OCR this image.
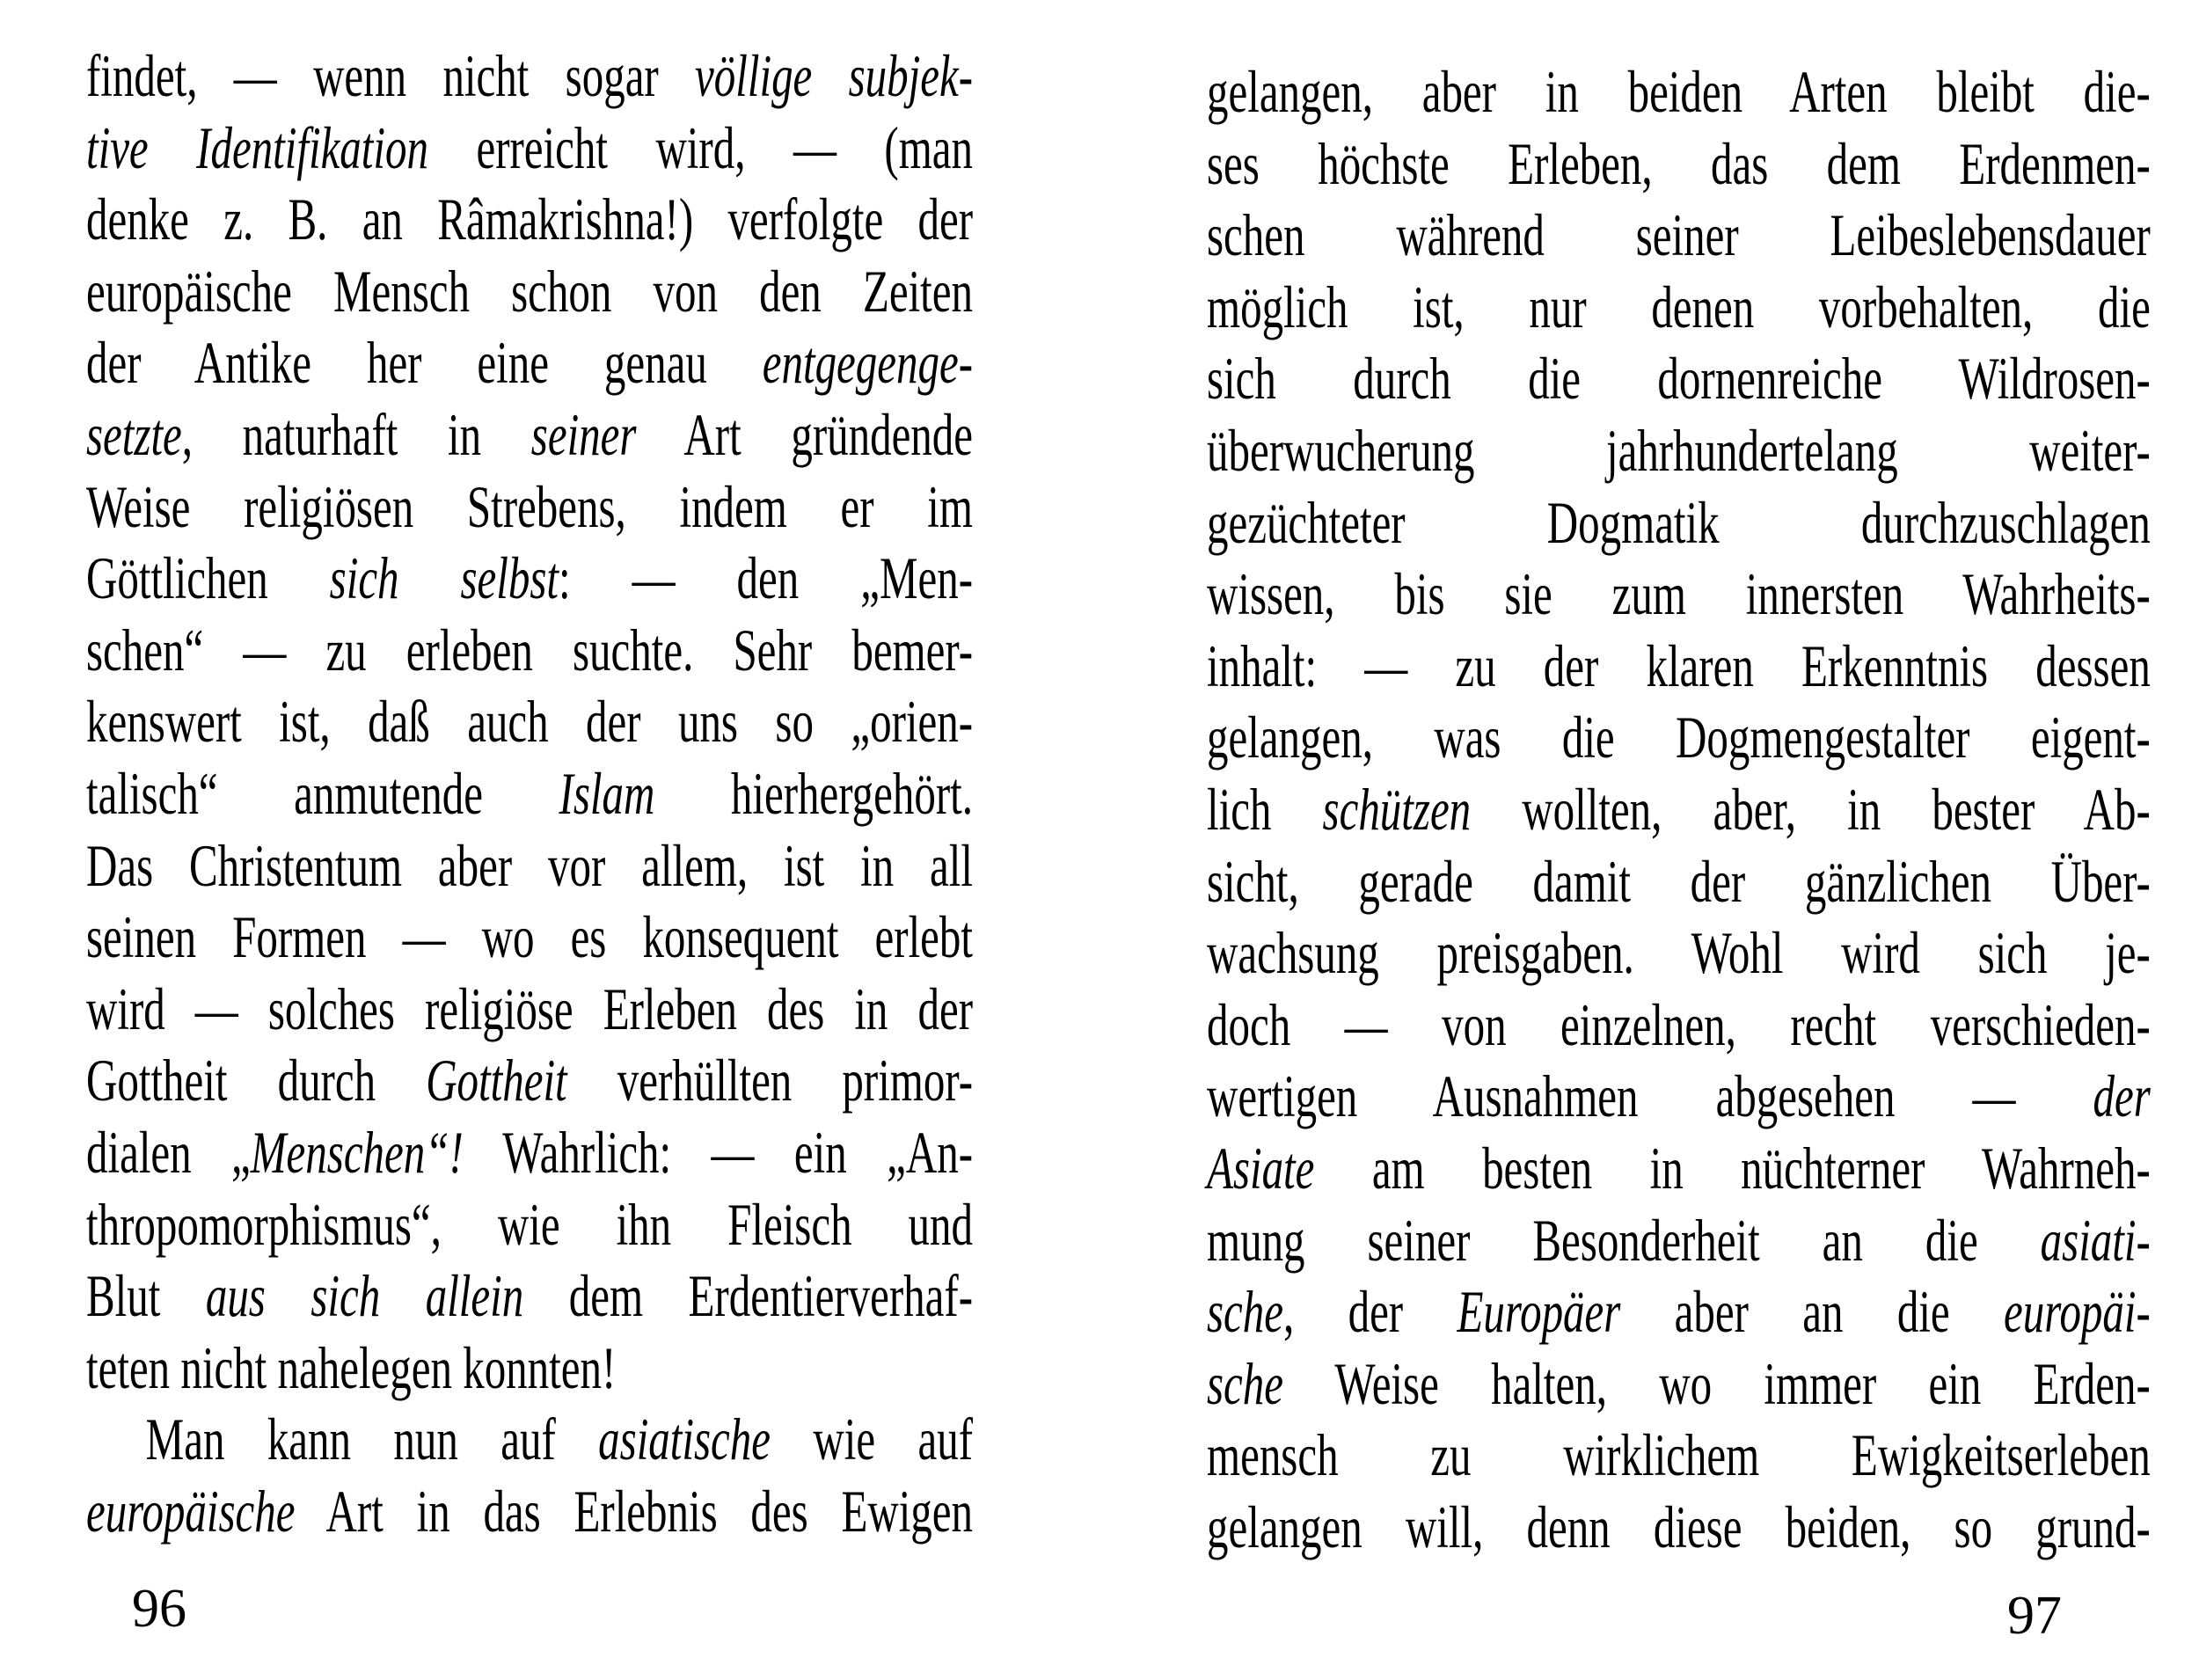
findet, — wenn nicht sogar völlige subjek-

tive Identifikation erreicht wird, — (man

denke z. B. an Râmakrishna!) verfolgte der

europäische Mensch schon von den Zeiten

der Antike her eine genau entgegenge-

setzte, naturhaft in seiner Art gründende

Weise religiösen Strebens, indem er im

Göttlichen sich selbst: — den „Men-

schen“ — zu erleben suchte. Sehr bemer-

kenswert ist, daß auch der uns so „orien-

talisch“ anmutende Islam hierhergehört.

Das Christentum aber vor allem, ist in all

seinen Formen — wo es konsequent erlebt

wird — solches religiöse Erleben des in der

Gottheit durch Gottheit verhüllten primor-

dialen „Menschen“! Wahrlich: — ein „An-

thropomorphismus“, wie ihn Fleisch und

Blut aus sich allein dem Erdentierverhaf-

teten nicht nahelegen konnten!

Man kann nun auf asiatische wie auf

europäische Art in das Erlebnis des Ewigen

gelangen, aber in beiden Arten bleibt die-

ses höchste Erleben, das dem Erdenmen-

schen während seiner Leibeslebensdauer

möglich ist, nur denen vorbehalten, die

sich durch die dornenreiche Wildrosen-

überwucherung jahrhundertelang weiter-

gezüchteter Dogmatik durchzuschlagen

wissen, bis sie zum innersten Wahrheits-

inhalt: — zu der klaren Erkenntnis dessen

gelangen, was die Dogmengestalter eigent-

lich schützen wollten, aber, in bester Ab-

sicht, gerade damit der gänzlichen Über-

wachsung preisgaben. Wohl wird sich je-

doch — von einzelnen, recht verschieden-

wertigen Ausnahmen abgesehen — der

Asiate am besten in nüchterner Wahrneh-

mung seiner Besonderheit an die asiati-

sche, der Europäer aber an die europäi-

sche Weise halten, wo immer ein Erden-

mensch zu wirklichem Ewigkeitserleben

gelangen will, denn diese beiden, so grund-

96	97
